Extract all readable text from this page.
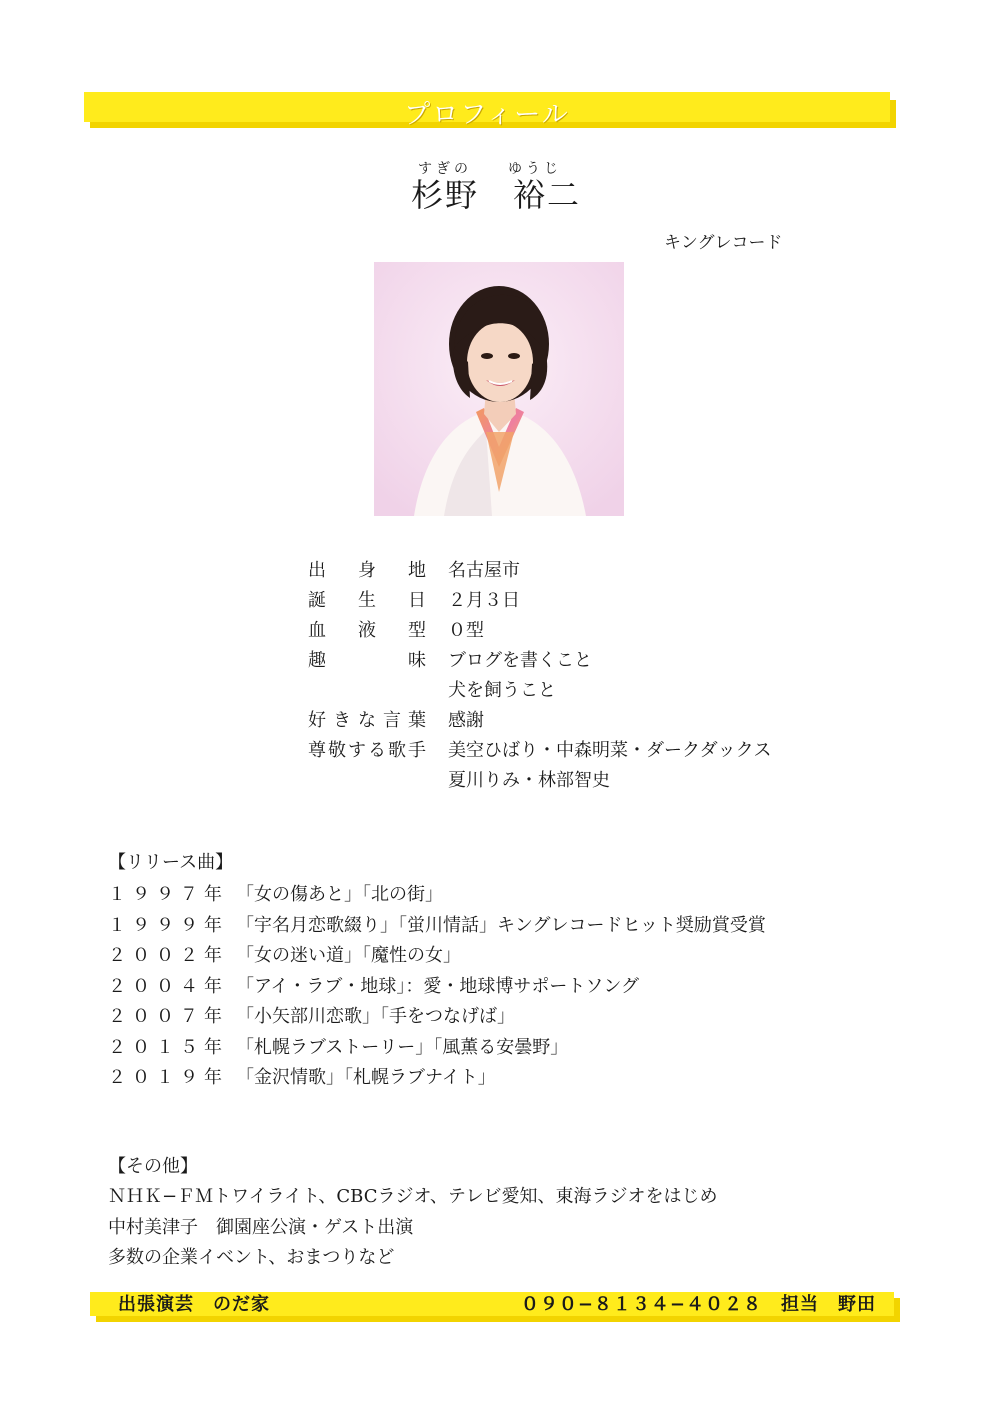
プロフィール
すぎの	ゆうじ
杉野　裕二
キングレコード
出身地 名古屋市
誕生日 ２月３日
血液型 ０型
趣味 ブログを書くこと
犬を飼うこと
好きな言葉 感謝
尊敬する歌手 美空ひばり・中森明菜・ダークダックス
夏川りみ・林部智史
【リリース曲】
１９９７年 「女の傷あと」「北の街」
１９９９年 「宇名月恋歌綴り」「蛍川情話」キングレコードヒット奨励賞受賞
２００２年 「女の迷い道」「魔性の女」
２００４年 「アイ・ラブ・地球」：愛・地球博サポートソング
２００７年 「小矢部川恋歌」「手をつなげば」
２０１５年 「札幌ラブストーリー」「風薫る安曇野」
２０１９年 「金沢情歌」「札幌ラブナイト」
【その他】
ＮＨＫ−ＦＭトワイライト、CBCラジオ、テレビ愛知、東海ラジオをはじめ
中村美津子　御園座公演・ゲスト出演
多数の企業イベント、おまつりなど
出張演芸　のだ家	０９０−８１３４−４０２８　担当　野田
